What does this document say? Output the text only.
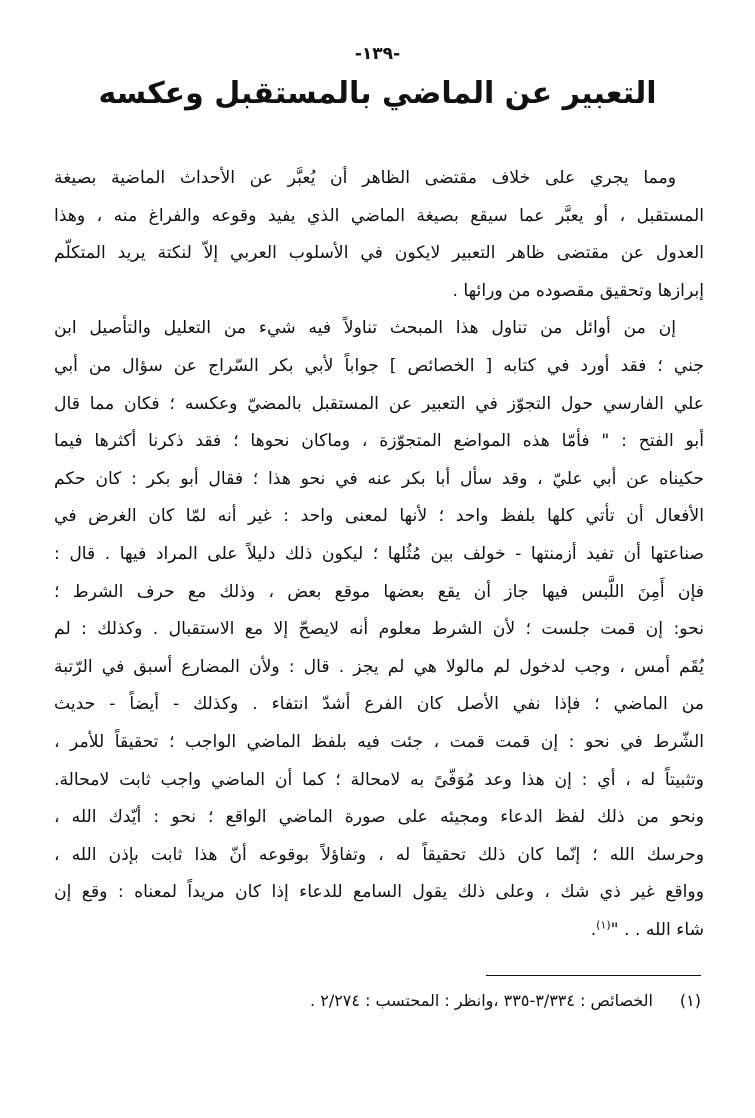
-١٣٩-
التعبير عن الماضي بالمستقبل وعكسه
ومما يجري على خلاف مقتضى الظاهر أن يُعبَّر عن الأحداث الماضية بصيغة
المستقبل ، أو يعبَّر عما سيقع بصيغة الماضي الذي يفيد وقوعه والفراغ منه ، وهذا
العدول عن مقتضى ظاهر التعبير لايكون في الأسلوب العربي إلاّ لنكتة يريد المتكلّم
إبرازها وتحقيق مقصوده من ورائها .
إن من أوائل من تناول هذا المبحث تناولاً فيه شيء من التعليل والتأصيل ابن
جني ؛ فقد أورد في كتابه [ الخصائص ] جواباً لأبي بكر السّراج عن سؤال من أبي
علي الفارسي حول التجوّز في التعبير عن المستقبل بالمضيّ وعكسه ؛ فكان مما قال
أبو الفتح : " فأمّا هذه المواضع المتجوّزة ، وماكان نحوها ؛ فقد ذكرنا أكثرها فيما
حكيناه عن أبي عليّ ، وقد سأل أبا بكر عنه في نحو هذا ؛ فقال أبو بكر : كان حكم
الأفعال أن تأتي كلها بلفظ واحد ؛ لأنها لمعنى واحد : غير أنه لمّا كان الغرض في
صناعتها أن تفيد أزمنتها - خولف بين مُثُلها ؛ ليكون ذلك دليلاً على المراد فيها . قال :
فإن أَمِنَ اللَّبس فيها جاز أن يقع بعضها موقع بعض ، وذلك مع حرف الشرط ؛
نحو: إن قمت جلست ؛ لأن الشرط معلوم أنه لايصحّ إلا مع الاستقبال . وكذلك : لم
يُقَم أمس ، وجب لدخول لم مالولا هي لم يجز . قال : ولأن المضارع أسبق في الرّتبة
من الماضي ؛ فإذا نفي الأصل كان الفرع أشدّ انتفاء . وكذلك - أيضاً - حديث
الشّرط في نحو : إن قمت قمت ، جئت فيه بلفظ الماضي الواجب ؛ تحقيقاً للأمر ،
وتثبيتاً له ، أي : إن هذا وعد مُوَفّىً به لامحالة ؛ كما أن الماضي واجب ثابت لامحالة.
ونحو من ذلك لفظ الدعاء ومجيئه على صورة الماضي الواقع ؛ نحو : أيّدك الله ،
وحرسك الله ؛ إنّما كان ذلك تحقيقاً له ، وتفاؤلاً بوقوعه أنّ هذا ثابت بإذن الله ،
وواقع غير ذي شك ، وعلى ذلك يقول السامع للدعاء إذا كان مريداً لمعناه : وقع إن
شاء الله . . "$^{(١)}$.
(١)الخصائص : ٣/٣٣٤-٣٣٥ ،وانظر : المحتسب : ٢/٢٧٤ .
